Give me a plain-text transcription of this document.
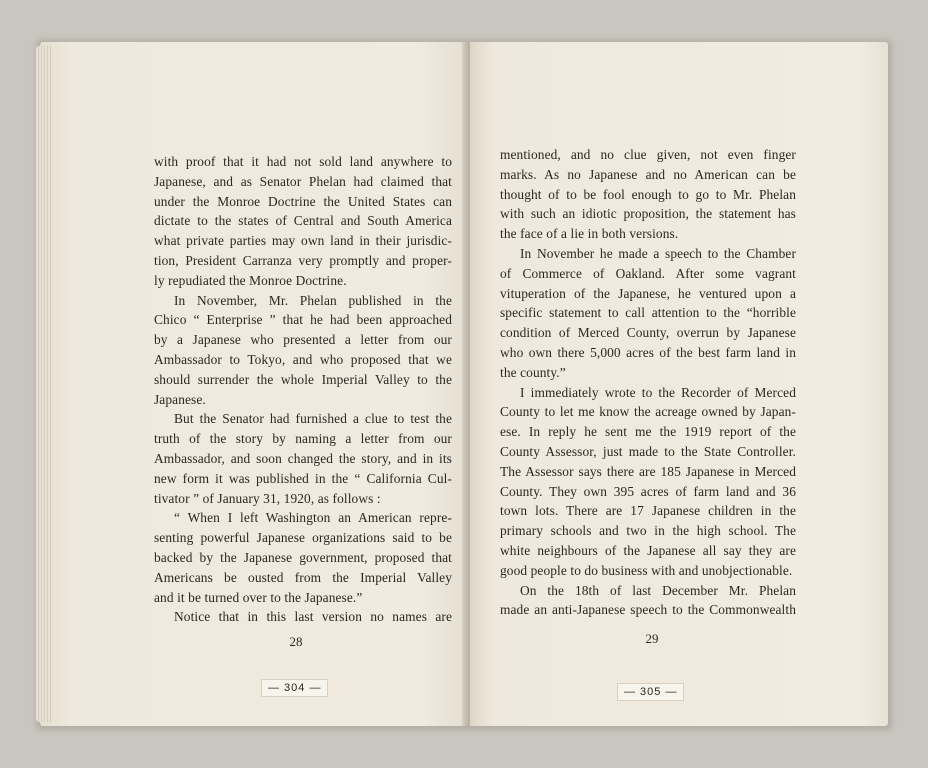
with proof that it had not sold land anywhere to
Japanese, and as Senator Phelan had claimed that
under the Monroe Doctrine the United States can
dictate to the states of Central and South America
what private parties may own land in their jurisdic-
tion, President Carranza very promptly and proper-
ly repudiated the Monroe Doctrine.
In November, Mr. Phelan published in the
Chico “ Enterprise ” that he had been approached
by a Japanese who presented a letter from our
Ambassador to Tokyo, and who proposed that we
should surrender the whole Imperial Valley to the
Japanese.
But the Senator had furnished a clue to test the
truth of the story by naming a letter from our
Ambassador, and soon changed the story, and in its
new form it was published in the “ California Cul-
tivator ” of January 31, 1920, as follows :
“ When I left Washington an American repre-
senting powerful Japanese organizations said to be
backed by the Japanese government, proposed that
Americans be ousted from the Imperial Valley
and it be turned over to the Japanese.”
Notice that in this last version no names are
28
— 304 —
mentioned, and no clue given, not even finger
marks. As no Japanese and no American can be
thought of to be fool enough to go to Mr. Phelan
with such an idiotic proposition, the statement has
the face of a lie in both versions.
In November he made a speech to the Chamber
of Commerce of Oakland. After some vagrant
vituperation of the Japanese, he ventured upon a
specific statement to call attention to the “horrible
condition of Merced County, overrun by Japanese
who own there 5,000 acres of the best farm land in
the county.”
I immediately wrote to the Recorder of Merced
County to let me know the acreage owned by Japan-
ese. In reply he sent me the 1919 report of the
County Assessor, just made to the State Controller.
The Assessor says there are 185 Japanese in Merced
County. They own 395 acres of farm land and 36
town lots. There are 17 Japanese children in the
primary schools and two in the high school. The
white neighbours of the Japanese all say they are
good people to do business with and unobjectionable.
On the 18th of last December Mr. Phelan
made an anti-Japanese speech to the Commonwealth
29
— 305 —
